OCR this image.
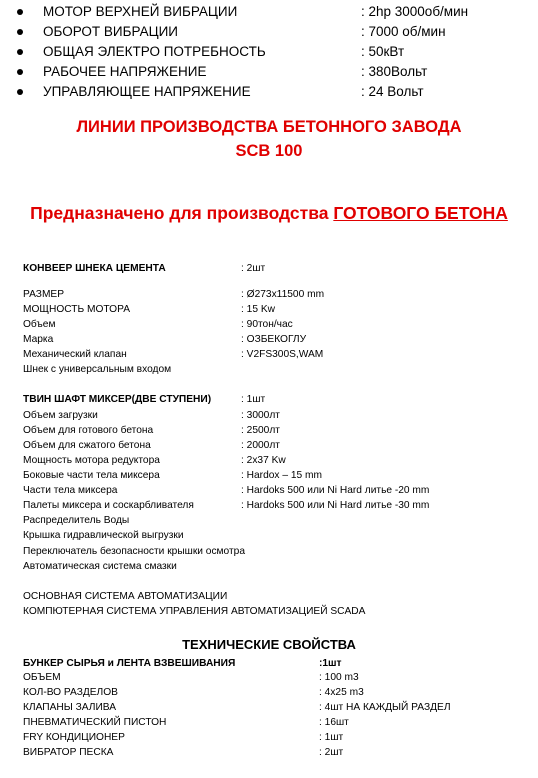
МОТОР ВЕРХНЕЙ ВИБРАЦИИ	: 2hp 3000об/мин
ОБОРОТ ВИБРАЦИИ	: 7000 об/мин
ОБЩАЯ ЭЛЕКТРО ПОТРЕБНОСТЬ	: 50кВт
РАБОЧЕЕ НАПРЯЖЕНИЕ	: 380Вольт
УПРАВЛЯЮЩЕЕ НАПРЯЖЕНИЕ	: 24 Вольт
ЛИНИИ ПРОИЗВОДСТВА БЕТОННОГО ЗАВОДА
SCB 100
Предназначено для производства ГОТОВОГО БЕТОНА
КОНВЕЕР ШНЕКА ЦЕМЕНТА	: 2шт
РАЗМЕР	: Ø273x11500 mm
МОЩНОСТЬ МОТОРА	: 15 Kw
Объем	: 90тон/час
Марка	: ОЗБЕКОГЛУ
Механический клапан	: V2FS300S,WAM
Шнек с универсальным входом
ТВИН ШАФТ МИКСЕР(ДВЕ СТУПЕНИ)	: 1шт
Объем загрузки	: 3000лт
Объем для готового бетона	: 2500лт
Объем для сжатого бетона	: 2000лт
Мощность мотора редуктора	: 2x37 Kw
Боковые части тела миксера	: Hardox – 15 mm
Части тела миксера	: Hardoks 500 или Ni Hard литье -20 mm
Палеты миксера и соскарбливателя	: Hardoks 500 или Ni Hard литье -30 mm
Распределитель Воды
Крышка гидравлической выгрузки
Переключатель безопасности крышки осмотра
Автоматическая система смазки
ОСНОВНАЯ СИСТЕМА АВТОМАТИЗАЦИИ
КОМПЮТЕРНАЯ СИСТЕМА УПРАВЛЕНИЯ АВТОМАТИЗАЦИЕЙ SCADA
ТЕХНИЧЕСКИЕ СВОЙСТВА
БУНКЕР СЫРЬЯ и ЛЕНТА ВЗВЕШИВАНИЯ	:1шт
ОБЪЕМ	: 100 m3
КОЛ-ВО РАЗДЕЛОВ	: 4x25 m3
КЛАПАНЫ ЗАЛИВА	: 4шт НА КАЖДЫЙ РАЗДЕЛ
ПНЕВМАТИЧЕСКИЙ ПИСТОН	: 16шт
FRY КОНДИЦИОНЕР	: 1шт
ВИБРАТОР ПЕСКА	: 2шт
